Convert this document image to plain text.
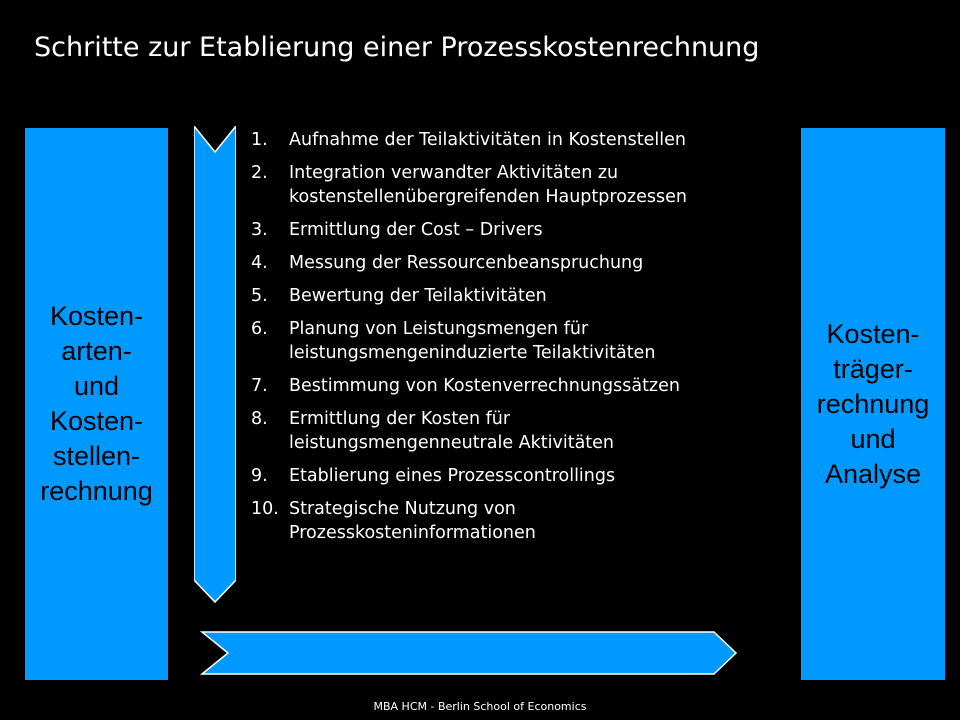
Schritte zur Etablierung einer Prozesskostenrechnung
Kosten-
arten-
und
Kosten-
stellen-
rechnung
1.	Aufnahme der Teilaktivitäten in Kostenstellen
2.	Integration verwandter Aktivitäten zu
kostenstellenübergreifenden Hauptprozessen
3.	Ermittlung der Cost – Drivers
4.	Messung der Ressourcenbeanspruchung
5.	Bewertung der Teilaktivitäten
6.	Planung von Leistungsmengen für
leistungsmengeninduzierte Teilaktivitäten
7.	Bestimmung von Kostenverrechnungssätzen
8.	Ermittlung der Kosten für
leistungsmengenneutrale Aktivitäten
9.	Etablierung eines Prozesscontrollings
10. Strategische Nutzung von
Prozesskosteninformationen
Kosten-
träger-
rechnung
und
Analyse
MBA HCM - Berlin School of Economics
